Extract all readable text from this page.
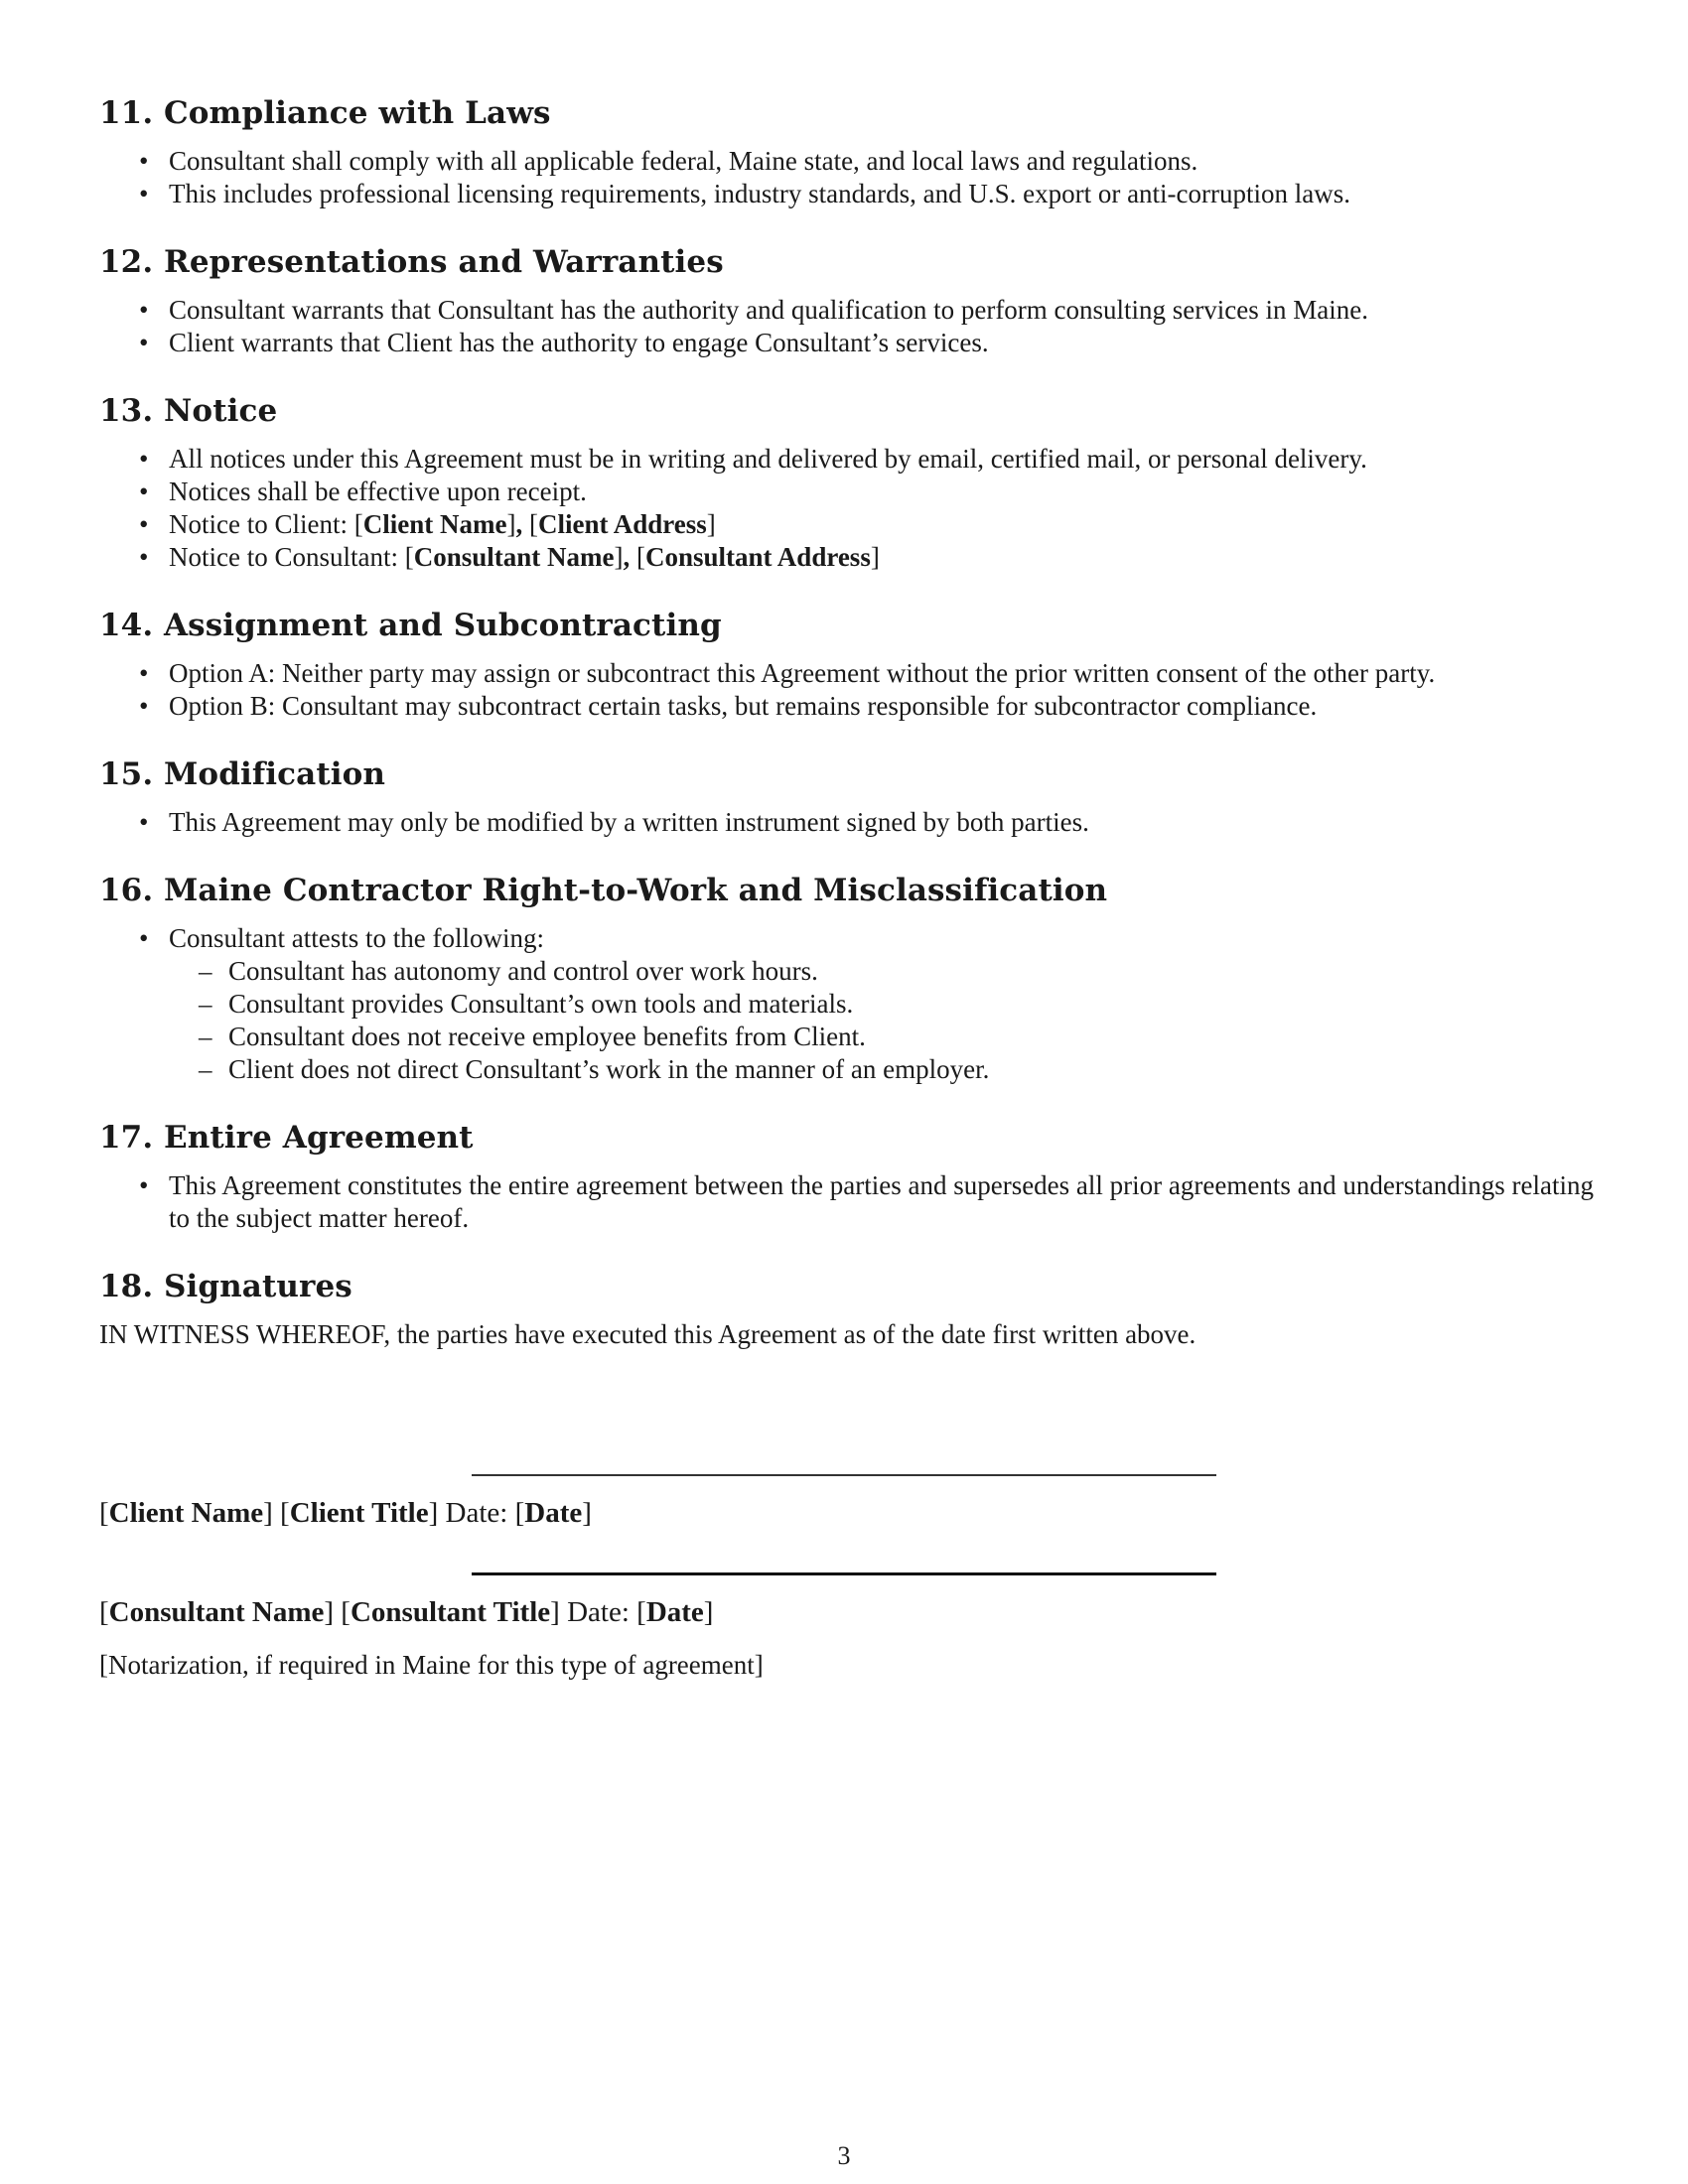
11. Compliance with Laws
• Consultant shall comply with all applicable federal, Maine state, and local laws and regulations.
• This includes professional licensing requirements, industry standards, and U.S. export or anti-corruption laws.
12. Representations and Warranties
• Consultant warrants that Consultant has the authority and qualification to perform consulting services in Maine.
• Client warrants that Client has the authority to engage Consultant’s services.
13. Notice
• All notices under this Agreement must be in writing and delivered by email, certified mail, or personal delivery.
• Notices shall be effective upon receipt.
• Notice to Client: [Client Name], [Client Address]
• Notice to Consultant: [Consultant Name], [Consultant Address]
14. Assignment and Subcontracting
• Option A: Neither party may assign or subcontract this Agreement without the prior written consent of the other party.
• Option B: Consultant may subcontract certain tasks, but remains responsible for subcontractor compliance.
15. Modification
• This Agreement may only be modified by a written instrument signed by both parties.
16. Maine Contractor Right-to-Work and Misclassification
• Consultant attests to the following:
– Consultant has autonomy and control over work hours.
– Consultant provides Consultant’s own tools and materials.
– Consultant does not receive employee benefits from Client.
– Client does not direct Consultant’s work in the manner of an employer.
17. Entire Agreement
• This Agreement constitutes the entire agreement between the parties and supersedes all prior agreements and understandings relating to the subject matter hereof.
18. Signatures
IN WITNESS WHEREOF, the parties have executed this Agreement as of the date first written above.
[Client Name] [Client Title] Date: [Date]
[Consultant Name] [Consultant Title] Date: [Date]
[Notarization, if required in Maine for this type of agreement]
3
